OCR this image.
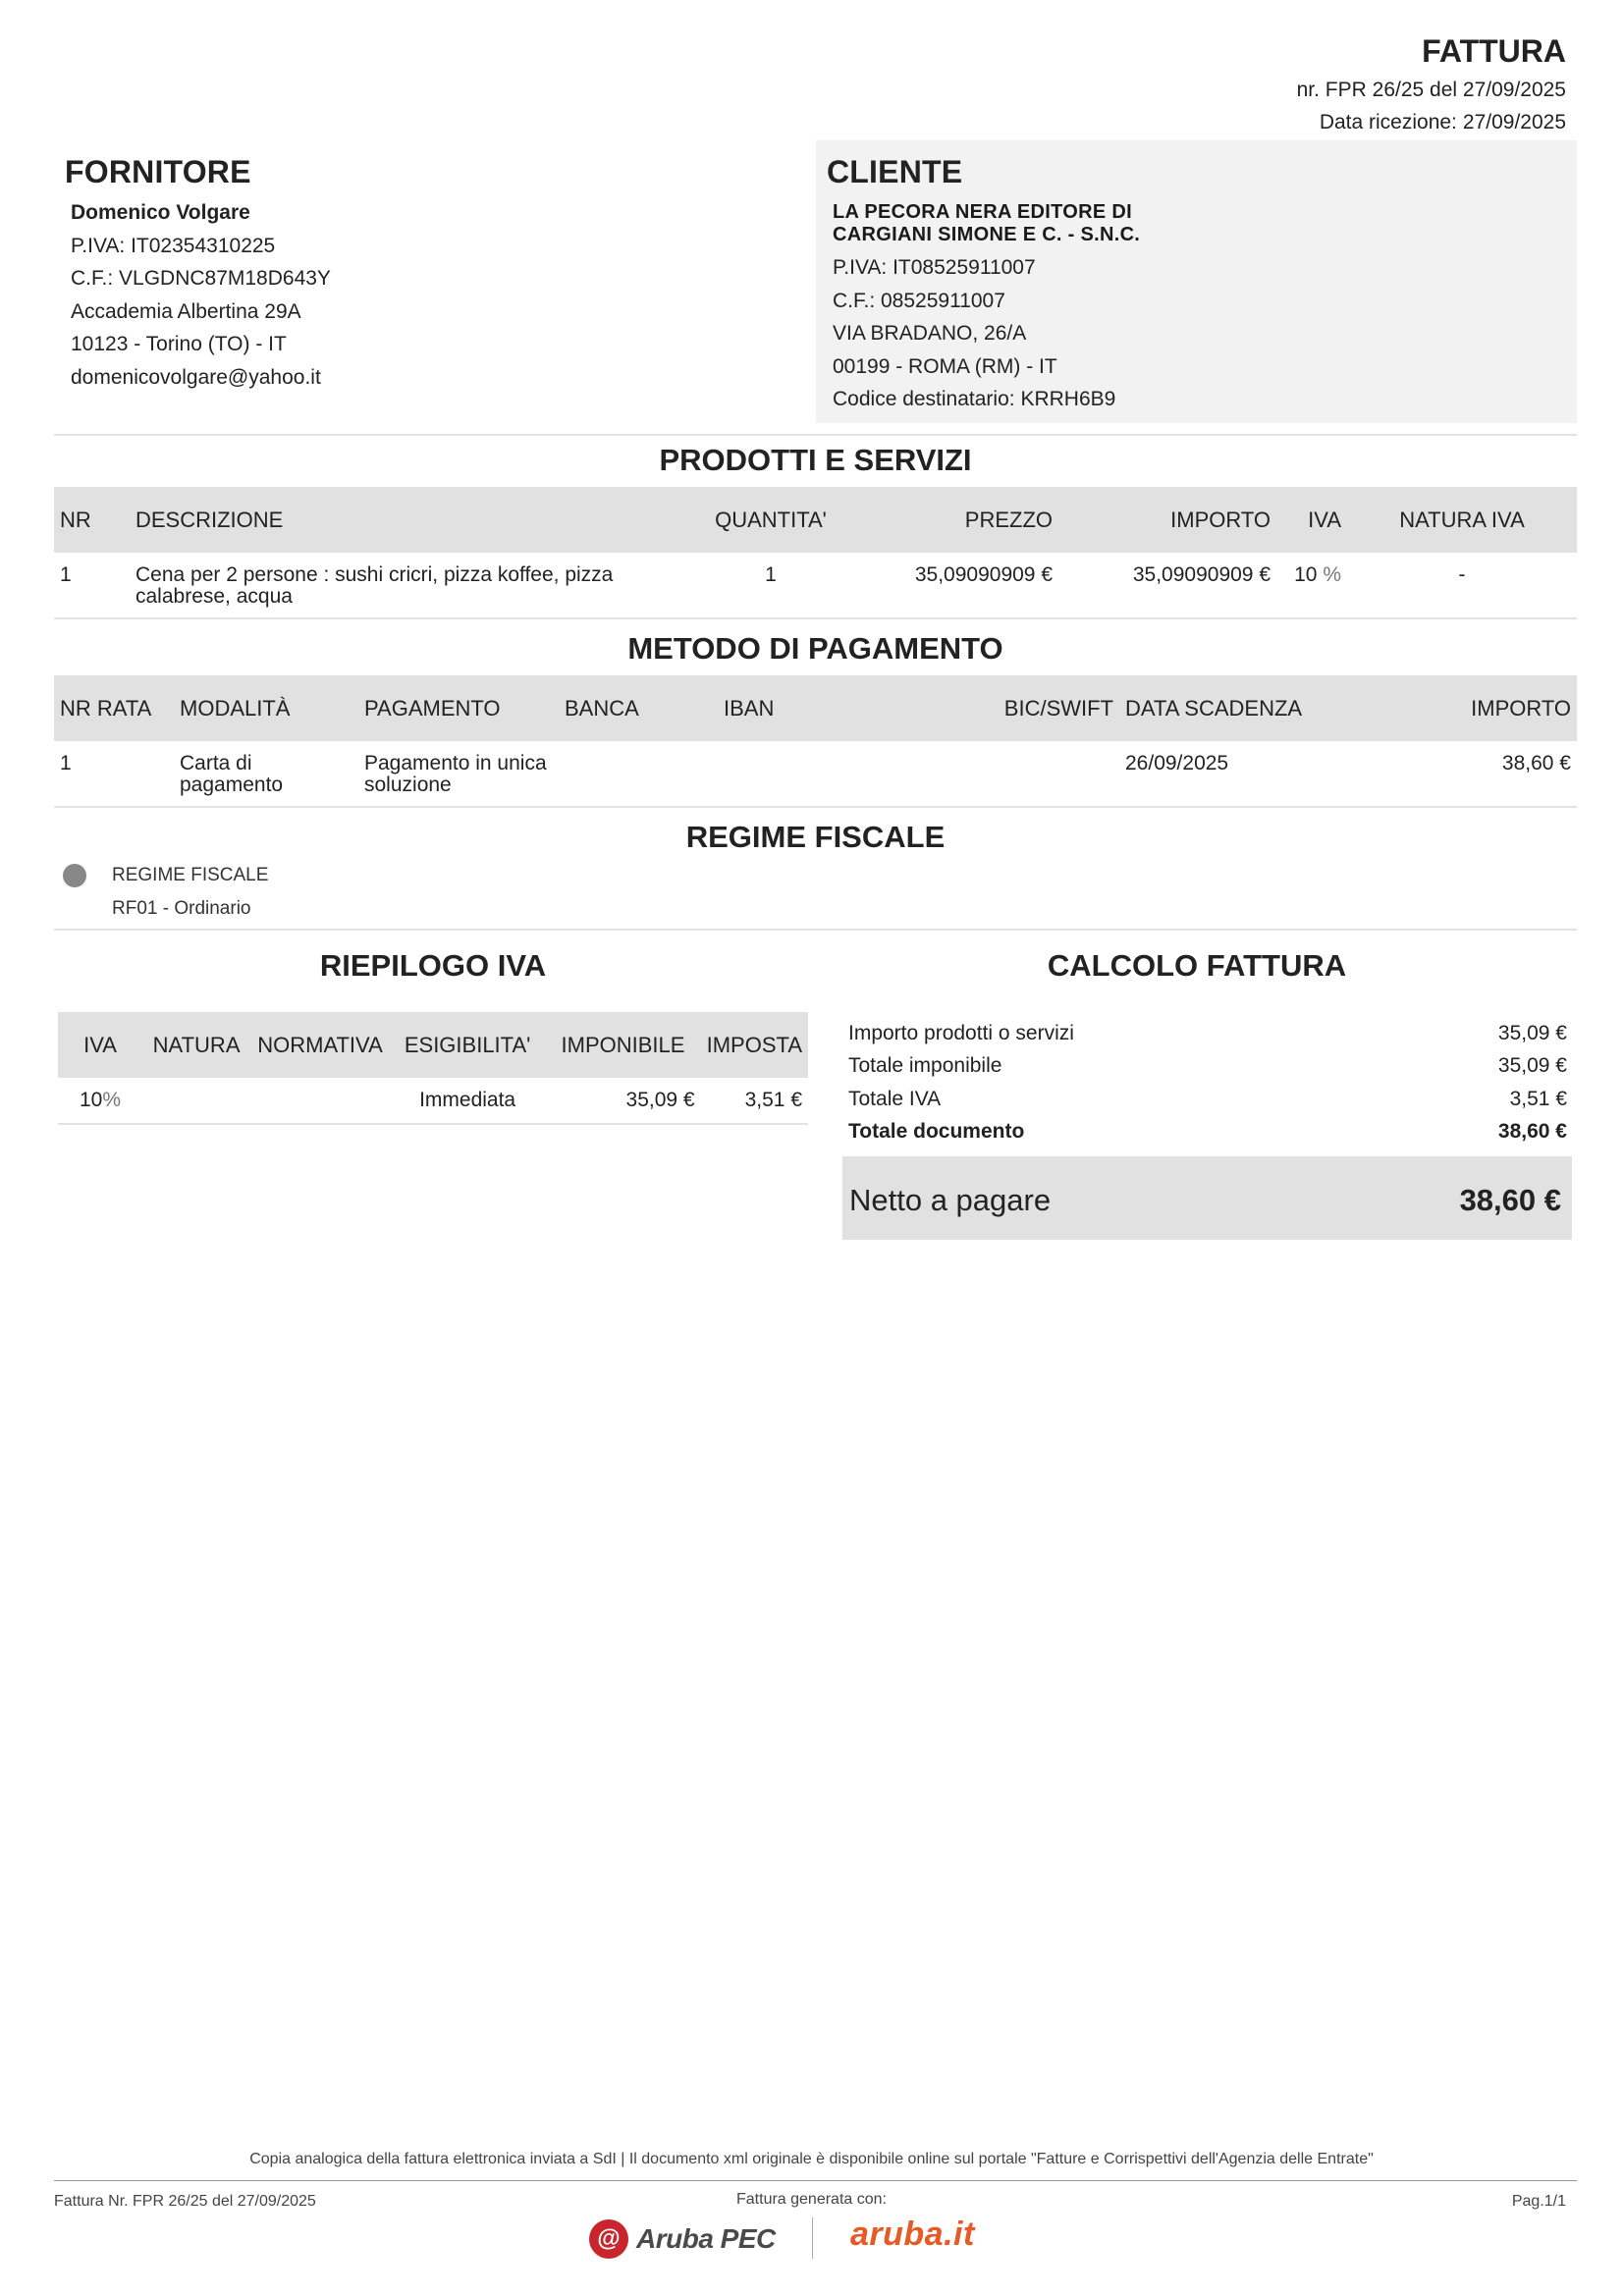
FATTURA
nr. FPR 26/25 del 27/09/2025
Data ricezione: 27/09/2025
FORNITORE
Domenico Volgare
P.IVA: IT02354310225
C.F.: VLGDNC87M18D643Y
Accademia Albertina 29A
10123 - Torino (TO) - IT
domenicovolgare@yahoo.it
CLIENTE
LA PECORA NERA EDITORE DI
CARGIANI SIMONE E C. - S.N.C.
P.IVA: IT08525911007
C.F.: 08525911007
VIA BRADANO, 26/A
00199 - ROMA (RM) - IT
Codice destinatario: KRRH6B9
PRODOTTI E SERVIZI
NR	DESCRIZIONE	QUANTITA'	PREZZO	IMPORTO	IVA	NATURA IVA
1	Cena per 2 persone : sushi cricri, pizza koffee, pizza calabrese, acqua	1	35,09090909 €	35,09090909 €	10 %	-
METODO DI PAGAMENTO
NR RATA	MODALITÀ	PAGAMENTO	BANCA	IBAN	BIC/SWIFT	DATA SCADENZA	IMPORTO
1	Carta di pagamento	Pagamento in unica soluzione				26/09/2025	38,60 €
REGIME FISCALE
REGIME FISCALE
RF01 - Ordinario
RIEPILOGO IVA
IVA	NATURA	NORMATIVA	ESIGIBILITA'	IMPONIBILE	IMPOSTA
10%			Immediata	35,09 €	3,51 €
CALCOLO FATTURA
Importo prodotti o servizi	35,09 €
Totale imponibile	35,09 €
Totale IVA	3,51 €
Totale documento	38,60 €
Netto a pagare	38,60 €
Copia analogica della fattura elettronica inviata a SdI | Il documento xml originale è disponibile online sul portale "Fatture e Corrispettivi dell'Agenzia delle Entrate"
Fattura Nr. FPR 26/25 del 27/09/2025	Fattura generata con:	Pag.1/1
@ Aruba PEC aruba.it
